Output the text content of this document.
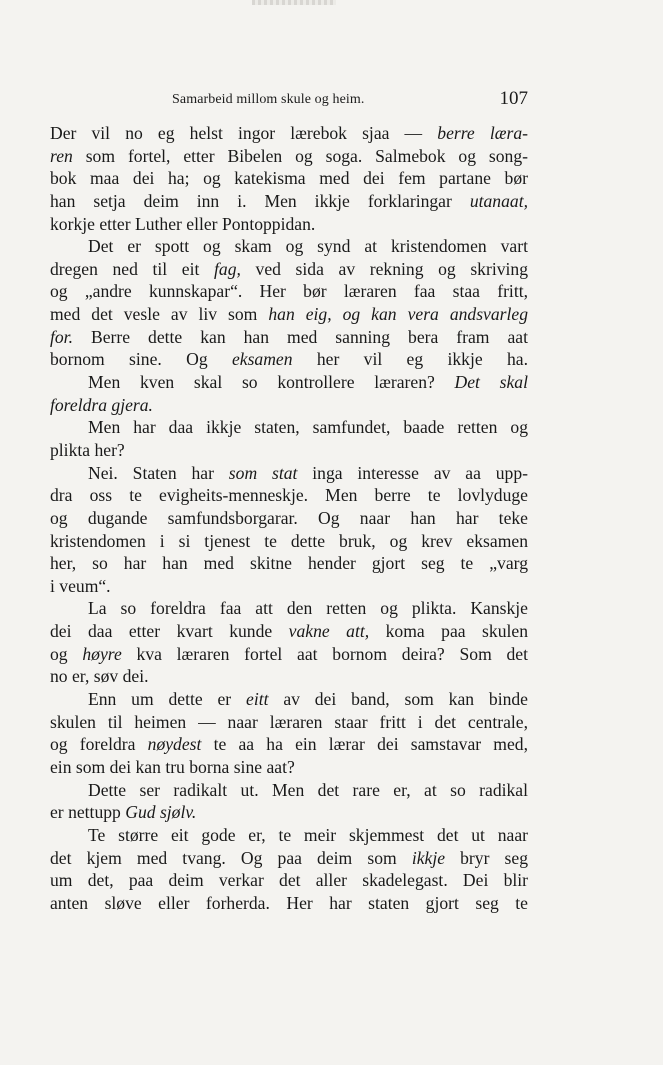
Samarbeid millom skule og heim.	107
Der vil no eg helst ingor lærebok sjaa — berre læra-
ren som fortel, etter Bibelen og soga. Salmebok og song-
bok maa dei ha; og katekisma med dei fem partane bør
han setja deim inn i. Men ikkje forklaringar utanaat,
korkje etter Luther eller Pontoppidan.
Det er spott og skam og synd at kristendomen vart
dregen ned til eit fag, ved sida av rekning og skriving
og „andre kunnskapar“. Her bør læraren faa staa fritt,
med det vesle av liv som han eig, og kan vera andsvarleg
for. Berre dette kan han med sanning bera fram aat
bornom sine. Og eksamen her vil eg ikkje ha.
Men kven skal so kontrollere læraren? Det skal
foreldra gjera.
Men har daa ikkje staten, samfundet, baade retten og
plikta her?
Nei. Staten har som stat inga interesse av aa upp-
dra oss te evigheits-menneskje. Men berre te lovlyduge
og dugande samfundsborgarar. Og naar han har teke
kristendomen i si tjenest te dette bruk, og krev eksamen
her, so har han med skitne hender gjort seg te „varg
i veum“.
La so foreldra faa att den retten og plikta. Kanskje
dei daa etter kvart kunde vakne att, koma paa skulen
og høyre kva læraren fortel aat bornom deira? Som det
no er, søv dei.
Enn um dette er eitt av dei band, som kan binde
skulen til heimen — naar læraren staar fritt i det centrale,
og foreldra nøydest te aa ha ein lærar dei samstavar med,
ein som dei kan tru borna sine aat?
Dette ser radikalt ut. Men det rare er, at so radikal
er nettupp Gud sjølv.
Te større eit gode er, te meir skjemmest det ut naar
det kjem med tvang. Og paa deim som ikkje bryr seg
um det, paa deim verkar det aller skadelegast. Dei blir
anten sløve eller forherda. Her har staten gjort seg te
